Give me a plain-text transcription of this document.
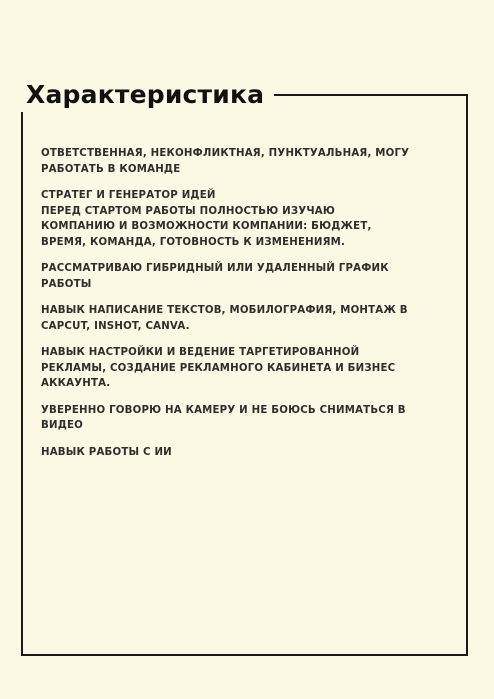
Характеристика
ОТВЕТСТВЕННАЯ, НЕКОНФЛИКТНАЯ, ПУНКТУАЛЬНАЯ, МОГУ
РАБОТАТЬ В КОМАНДЕ
СТРАТЕГ И ГЕНЕРАТОР ИДЕЙ
ПЕРЕД СТАРТОМ РАБОТЫ ПОЛНОСТЬЮ ИЗУЧАЮ
КОМПАНИЮ И ВОЗМОЖНОСТИ КОМПАНИИ: БЮДЖЕТ,
ВРЕМЯ, КОМАНДА, ГОТОВНОСТЬ К ИЗМЕНЕНИЯМ.
РАССМАТРИВАЮ ГИБРИДНЫЙ ИЛИ УДАЛЕННЫЙ ГРАФИК
РАБОТЫ
НАВЫК НАПИСАНИЕ ТЕКСТОВ, МОБИЛОГРАФИЯ, МОНТАЖ В
CAPCUT, INSHOT, CANVA.
НАВЫК НАСТРОЙКИ И ВЕДЕНИЕ ТАРГЕТИРОВАННОЙ
РЕКЛАМЫ, СОЗДАНИЕ РЕКЛАМНОГО КАБИНЕТА И БИЗНЕС
АККАУНТА.
УВЕРЕННО ГОВОРЮ НА КАМЕРУ И НЕ БОЮСЬ СНИМАТЬСЯ В
ВИДЕО
НАВЫК РАБОТЫ С ИИ
